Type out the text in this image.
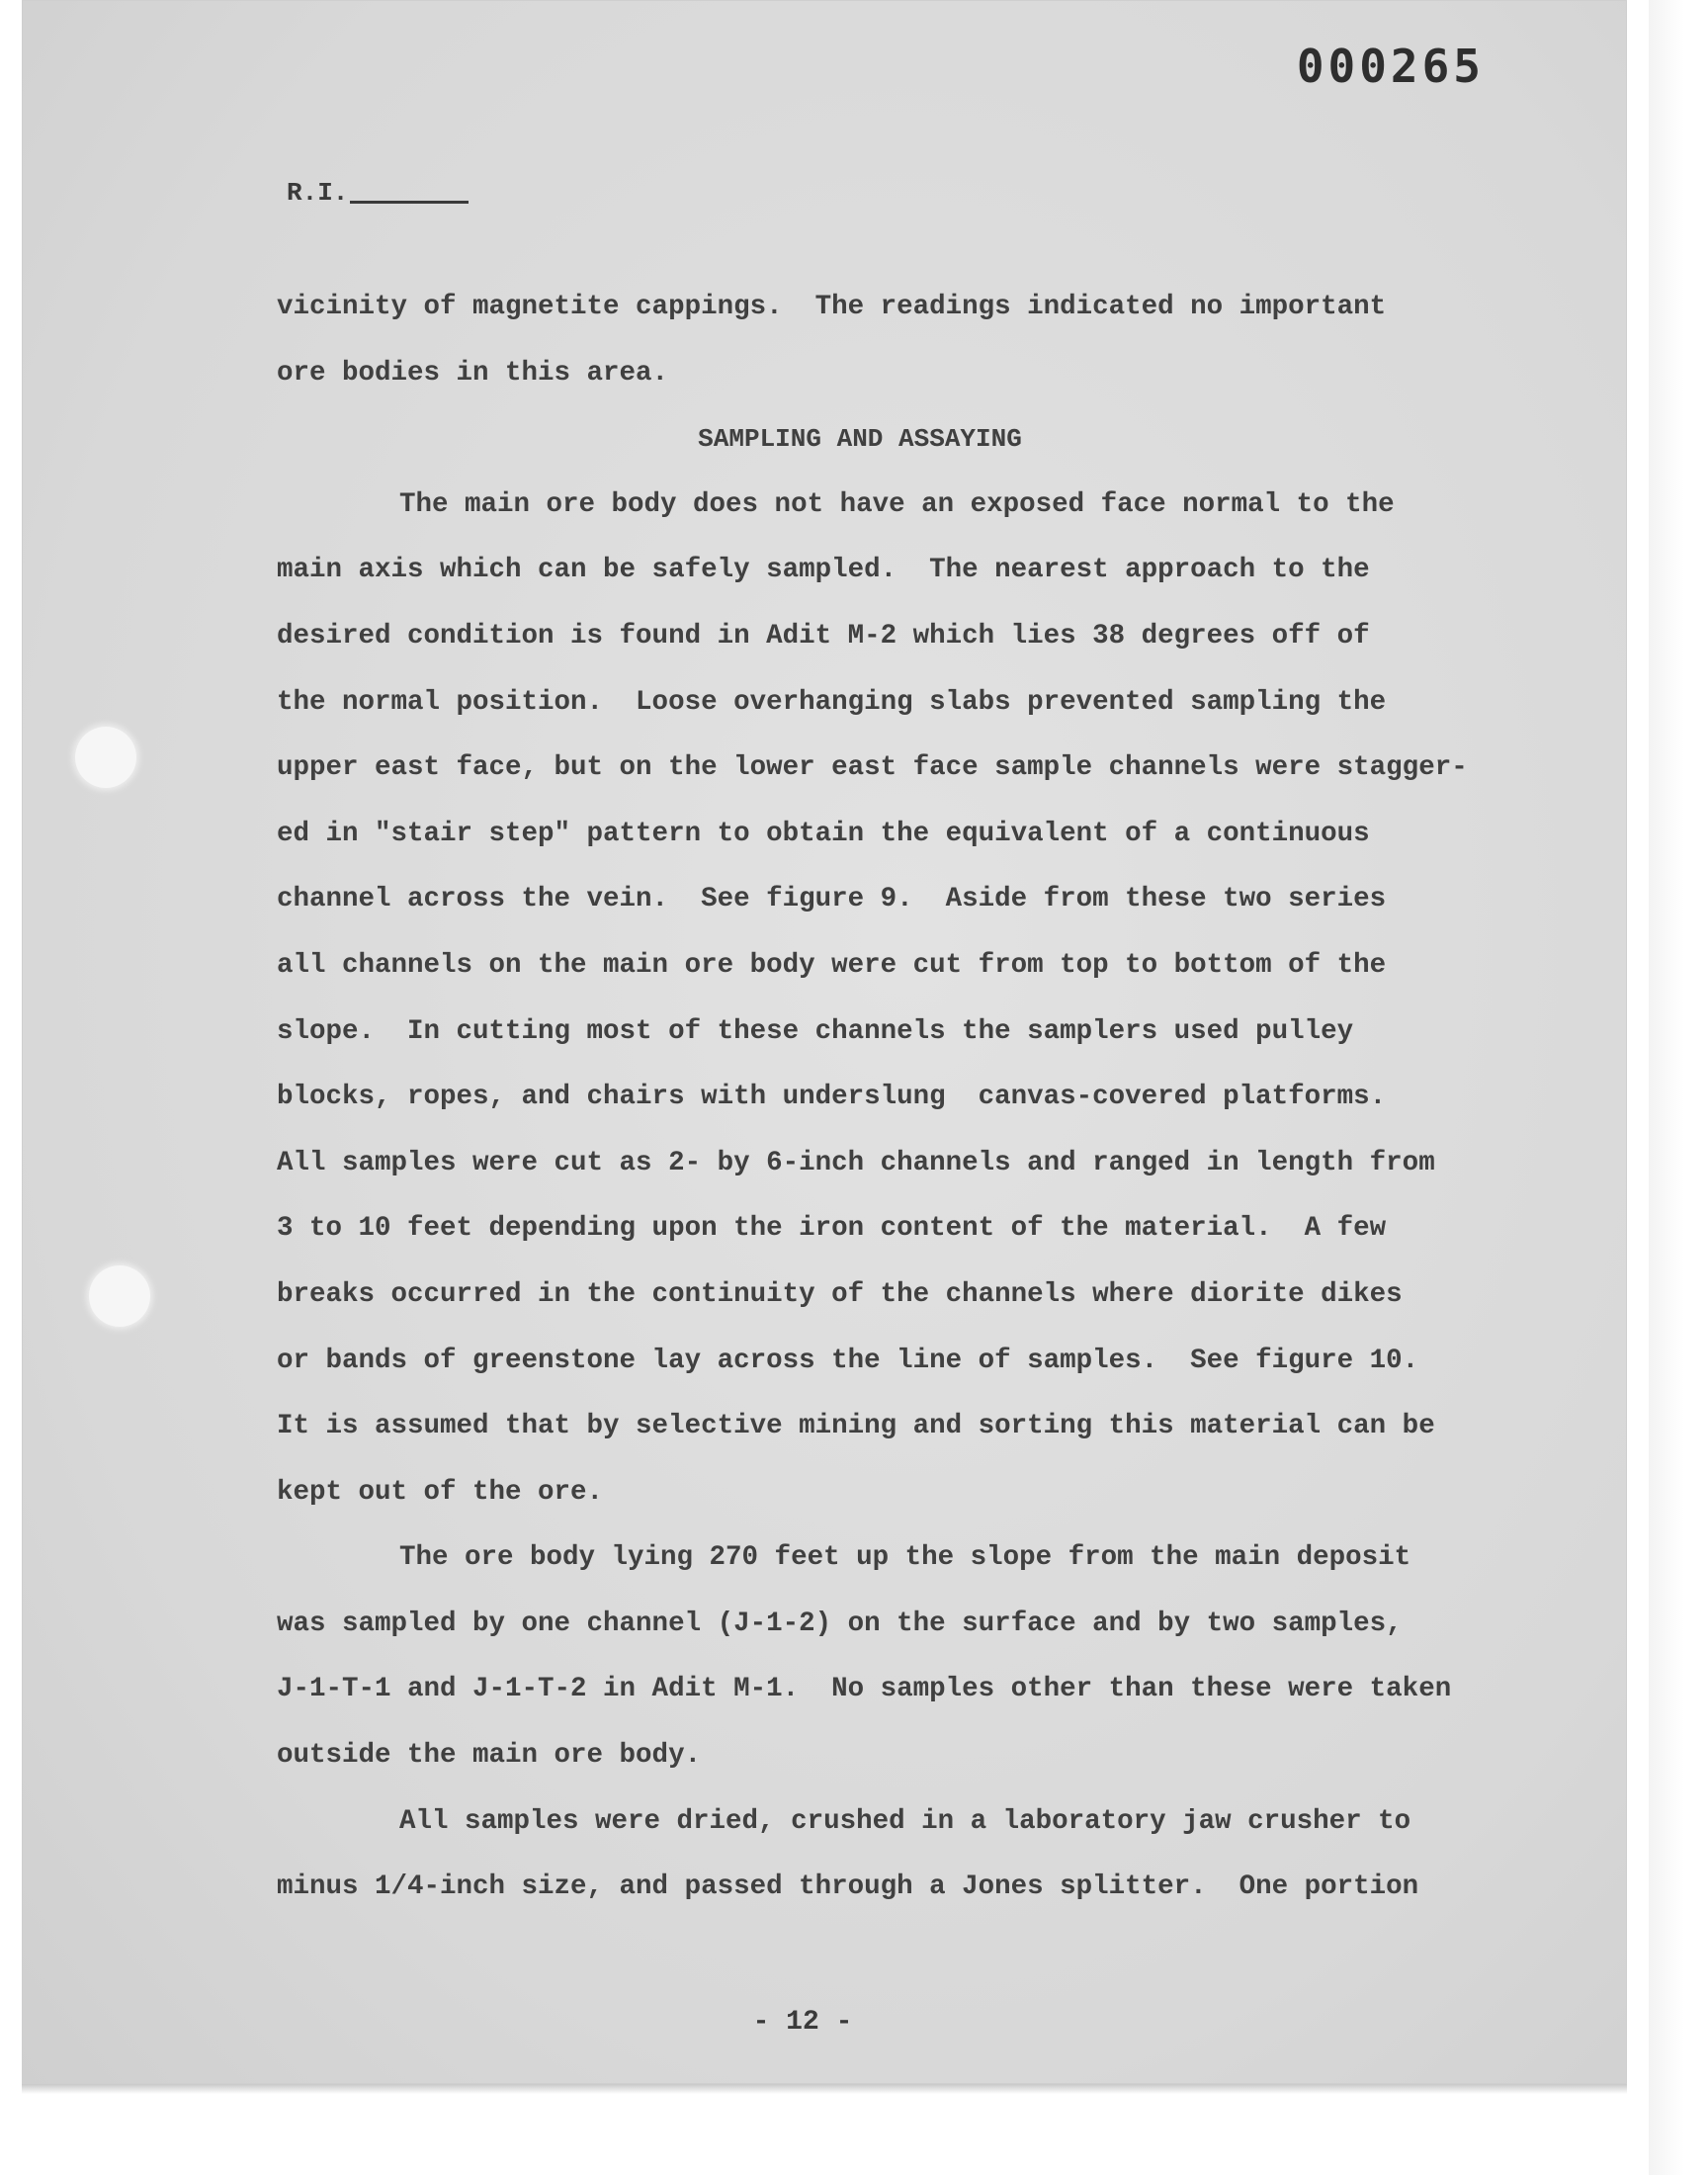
000265
R.I.
vicinity of magnetite cappings.  The readings indicated no important
ore bodies in this area.
SAMPLING AND ASSAYING
The main ore body does not have an exposed face normal to the
main axis which can be safely sampled.  The nearest approach to the
desired condition is found in Adit M-2 which lies 38 degrees off of
the normal position.  Loose overhanging slabs prevented sampling the
upper east face, but on the lower east face sample channels were stagger-
ed in "stair step" pattern to obtain the equivalent of a continuous
channel across the vein.  See figure 9.  Aside from these two series
all channels on the main ore body were cut from top to bottom of the
slope.  In cutting most of these channels the samplers used pulley
blocks, ropes, and chairs with underslung  canvas-covered platforms.
All samples were cut as 2- by 6-inch channels and ranged in length from
3 to 10 feet depending upon the iron content of the material.  A few
breaks occurred in the continuity of the channels where diorite dikes
or bands of greenstone lay across the line of samples.  See figure 10.
It is assumed that by selective mining and sorting this material can be
kept out of the ore.
The ore body lying 270 feet up the slope from the main deposit
was sampled by one channel (J-1-2) on the surface and by two samples,
J-1-T-1 and J-1-T-2 in Adit M-1.  No samples other than these were taken
outside the main ore body.
All samples were dried, crushed in a laboratory jaw crusher to
minus 1/4-inch size, and passed through a Jones splitter.  One portion
- 12 -
